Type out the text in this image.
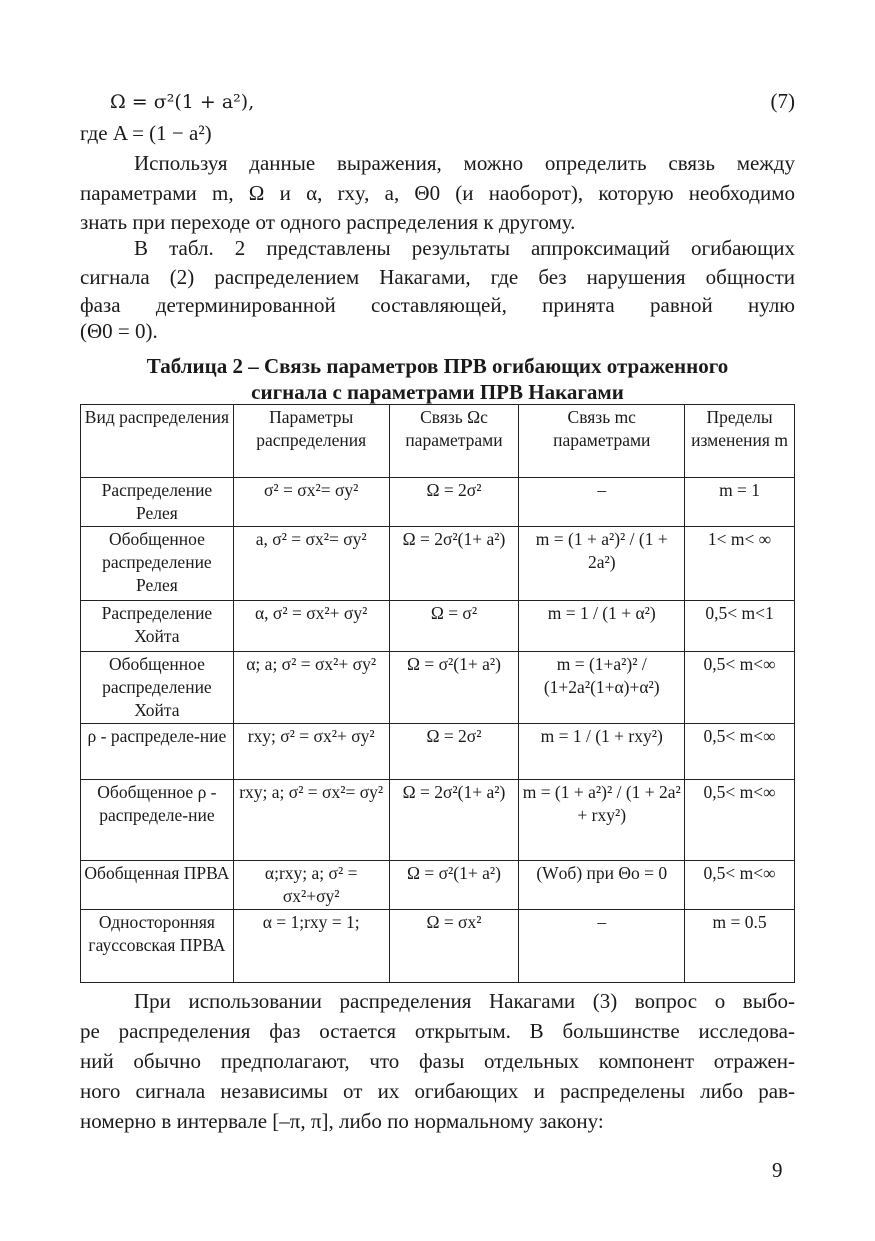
Ω = σ²(1 + a²),	(7)
где A = (1 − a²)
Используя данные выражения, можно определить связь между
параметрами m, Ω и α, rxy, a, Θ0 (и наоборот), которую необходимо
знать при переходе от одного распределения к другому.
В табл. 2 представлены результаты аппроксимаций огибающих
сигнала (2) распределением Накагами, где без нарушения общности
фаза детерминированной составляющей, принята равной нулю
(Θ0 = 0).
Таблица 2 – Связь параметров ПРВ огибающих отраженного
сигнала с параметрами ПРВ Накагами
Вид распределения	Параметры распределения	Связь Ωc параметрами	Связь mc параметрами	Пределы изменения m
Распределение Релея	σ² = σx²= σy²	Ω = 2σ²	–	m = 1
Обобщенное распределение Релея	a, σ² = σx²= σy²	Ω = 2σ²(1+ a²)	m = (1 + a²)² / (1 + 2a²)	1< m< ∞
Распределение Хойта	α, σ² = σx²+ σy²	Ω = σ²	m = 1 / (1 + α²)	0,5< m<1
Обобщенное распределение Хойта	α; a; σ² = σx²+ σy²	Ω = σ²(1+ a²)	m = (1+a²)² / (1+2a²(1+α)+α²)	0,5< m<∞
ρ - распределе-ние	rxy; σ² = σx²+ σy²	Ω = 2σ²	m = 1 / (1 + rxy²)	0,5< m<∞
Обобщенное ρ - распределе-ние	rxy; a; σ² = σx²= σy²	Ω = 2σ²(1+ a²)	m = (1 + a²)² / (1 + 2a² + rxy²)	0,5< m<∞
Обобщенная ПРВА	α;rxy; a; σ² = σx²+σy²	Ω = σ²(1+ a²)	(Wоб) при Θо = 0	0,5< m<∞
Односторонняя гауссовская ПРВА	α = 1;rxy = 1;	Ω = σx²	–	m = 0.5
При использовании распределения Накагами (3) вопрос о выбо-
ре распределения фаз остается открытым. В большинстве исследова-
ний обычно предполагают, что фазы отдельных компонент отражен-
ного сигнала независимы от их огибающих и распределены либо рав-
номерно в интервале [–π, π], либо по нормальному закону:
9
